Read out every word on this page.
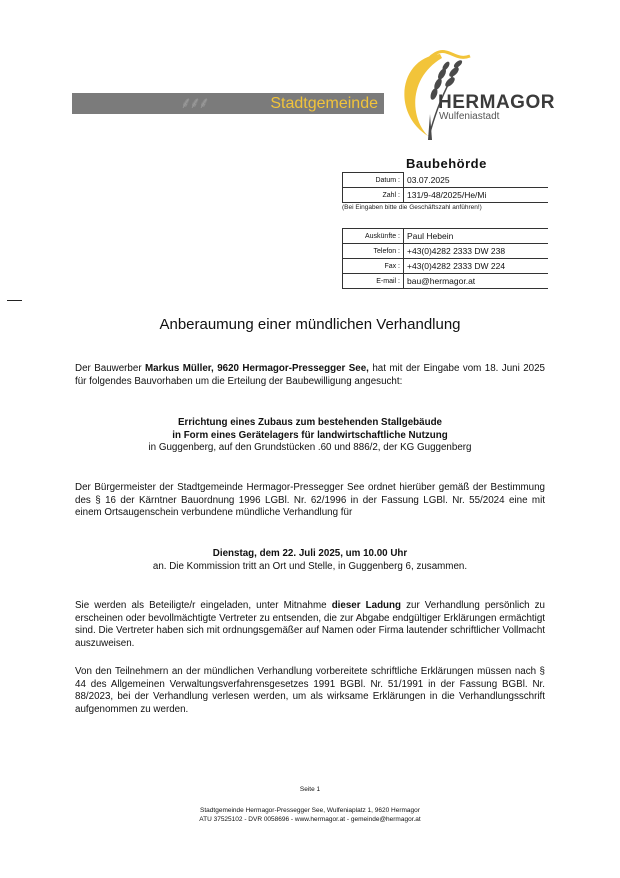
⸙⸙⸙	Stadtgemeinde	HERMAGOR
Wulfeniastadt
Baubehörde
Datum :	03.07.2025
Zahl :	131/9-48/2025/He/Mi
(Bei Eingaben bitte die Geschäftszahl anführen!)
Auskünfte :	Paul Hebein
Telefon :	+43(0)4282 2333 DW 238
Fax :	+43(0)4282 2333 DW 224
E-mail :	bau@hermagor.at
Anberaumung einer mündlichen Verhandlung
Der Bauwerber Markus Müller, 9620 Hermagor-Pressegger See, hat mit der Eingabe vom 18. Juni 2025 für folgendes Bauvorhaben um die Erteilung der Baubewilligung angesucht:
Errichtung eines Zubaus zum bestehenden Stallgebäude
in Form eines Gerätelagers für landwirtschaftliche Nutzung
in Guggenberg, auf den Grundstücken .60 und 886/2, der KG Guggenberg
Der Bürgermeister der Stadtgemeinde Hermagor-Pressegger See ordnet hierüber gemäß der Bestimmung des § 16 der Kärntner Bauordnung 1996 LGBl. Nr. 62/1996 in der Fassung LGBl. Nr. 55/2024 eine mit einem Ortsaugenschein verbundene mündliche Verhandlung für
Dienstag, dem 22. Juli 2025, um 10.00 Uhr
an. Die Kommission tritt an Ort und Stelle, in Guggenberg 6, zusammen.
Sie werden als Beteiligte/r eingeladen, unter Mitnahme dieser Ladung zur Verhandlung persönlich zu erscheinen oder bevollmächtigte Vertreter zu entsenden, die zur Abgabe endgültiger Erklärungen ermächtigt sind. Die Vertreter haben sich mit ordnungsgemäßer auf Namen oder Firma lautender schriftlicher Vollmacht auszuweisen.
Von den Teilnehmern an der mündlichen Verhandlung vorbereitete schriftliche Erklärungen müssen nach § 44 des Allgemeinen Verwaltungsverfahrensgesetzes 1991 BGBl. Nr. 51/1991 in der Fassung BGBl. Nr. 88/2023, bei der Verhandlung verlesen werden, um als wirksame Erklärungen in die Verhandlungsschrift aufgenommen zu werden.
Seite 1
Stadtgemeinde Hermagor-Pressegger See, Wulfeniaplatz 1, 9620 Hermagor
ATU 37525102 - DVR 0058696 - www.hermagor.at - gemeinde@hermagor.at
